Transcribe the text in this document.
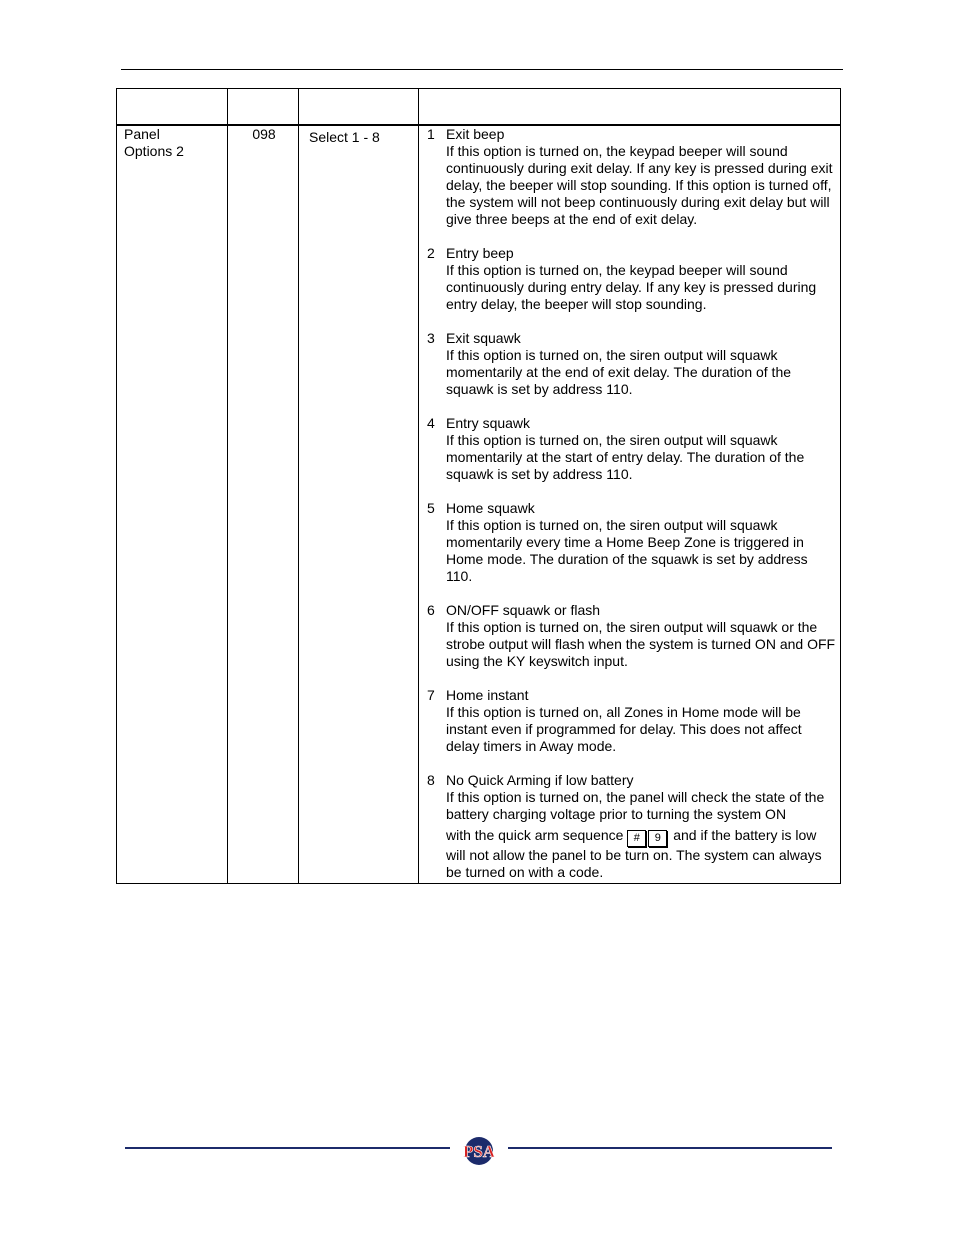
Panel
Options 2
098	Select 1 - 8	1 Exit beep
If this option is turned on, the keypad beeper will sound continuously during exit delay. If any key is pressed during exit delay, the beeper will stop sounding. If this option is turned off, the system will not beep continuously during exit delay but will give three beeps at the end of exit delay.
2 Entry beep
If this option is turned on, the keypad beeper will sound continuously during entry delay. If any key is pressed during entry delay, the beeper will stop sounding.
3 Exit squawk
If this option is turned on, the siren output will squawk momentarily at the end of exit delay. The duration of the squawk is set by address 110.
4 Entry squawk
If this option is turned on, the siren output will squawk momentarily at the start of entry delay. The duration of the squawk is set by address 110.
5 Home squawk
If this option is turned on, the siren output will squawk momentarily every time a Home Beep Zone is triggered in Home mode. The duration of the squawk is set by address 110.
6 ON/OFF squawk or flash
If this option is turned on, the siren output will squawk or the strobe output will flash when the system is turned ON and OFF using the KY keyswitch input.
7 Home instant
If this option is turned on, all Zones in Home mode will be instant even if programmed for delay. This does not affect delay timers in Away mode.
8 No Quick Arming if low battery
If this option is turned on, the panel will check the state of the battery charging voltage prior to turning the system ON
with the quick arm sequence # 9 and if the battery is low
will not allow the panel to be turn on. The system can always be turned on with a code.
PSA
